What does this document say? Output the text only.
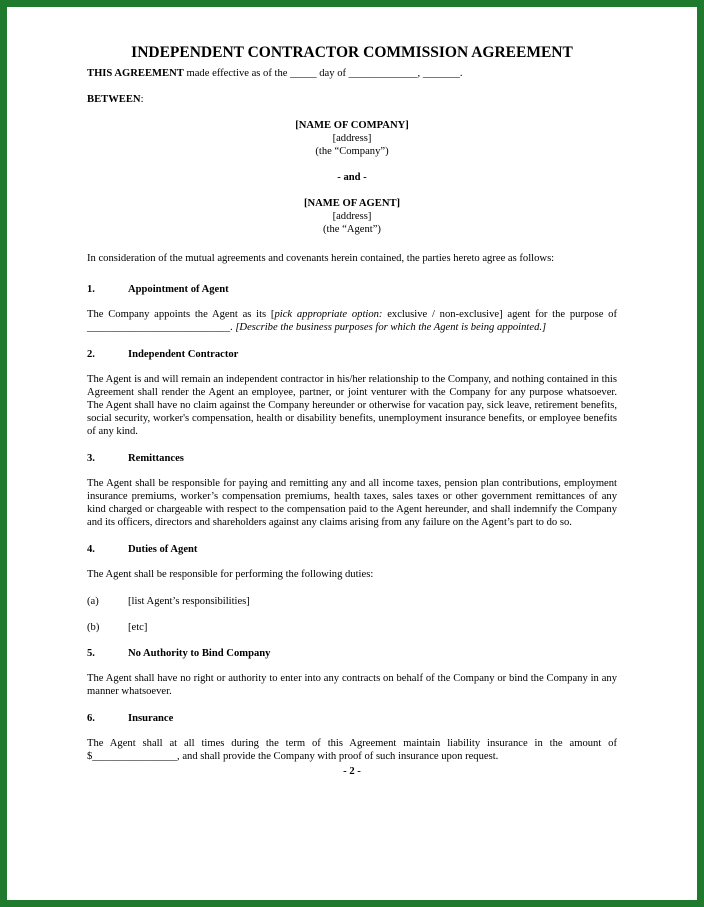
INDEPENDENT CONTRACTOR COMMISSION AGREEMENT
THIS AGREEMENT made effective as of the _____ day of _____________, _______.
BETWEEN:
[NAME OF COMPANY]
[address]
(the “Company”)
- and -
[NAME OF AGENT]
[address]
(the “Agent”)
In consideration of the mutual agreements and covenants herein contained, the parties hereto agree as follows:
1.	Appointment of Agent
The Company appoints the Agent as its [pick appropriate option: exclusive / non-exclusive] agent for the purpose of ___________________________. [Describe the business purposes for which the Agent is being appointed.]
2.	Independent Contractor
The Agent is and will remain an independent contractor in his/her relationship to the Company, and nothing contained in this Agreement shall render the Agent an employee, partner, or joint venturer with the Company for any purpose whatsoever. The Agent shall have no claim against the Company hereunder or otherwise for vacation pay, sick leave, retirement benefits, social security, worker's compensation, health or disability benefits, unemployment insurance benefits, or employee benefits of any kind.
3.	Remittances
The Agent shall be responsible for paying and remitting any and all income taxes, pension plan contributions, employment insurance premiums, worker’s compensation premiums, health taxes, sales taxes or other government remittances of any kind charged or chargeable with respect to the compensation paid to the Agent hereunder, and shall indemnify the Company and its officers, directors and shareholders against any claims arising from any failure on the Agent’s part to do so.
4.	Duties of Agent
The Agent shall be responsible for performing the following duties:
(a)	[list Agent’s responsibilities]
(b)	[etc]
5.	No Authority to Bind Company
The Agent shall have no right or authority to enter into any contracts on behalf of the Company or bind the Company in any manner whatsoever.
6.	Insurance
The Agent shall at all times during the term of this Agreement maintain liability insurance in the amount of $________________, and shall provide the Company with proof of such insurance upon request.
- 2 -
